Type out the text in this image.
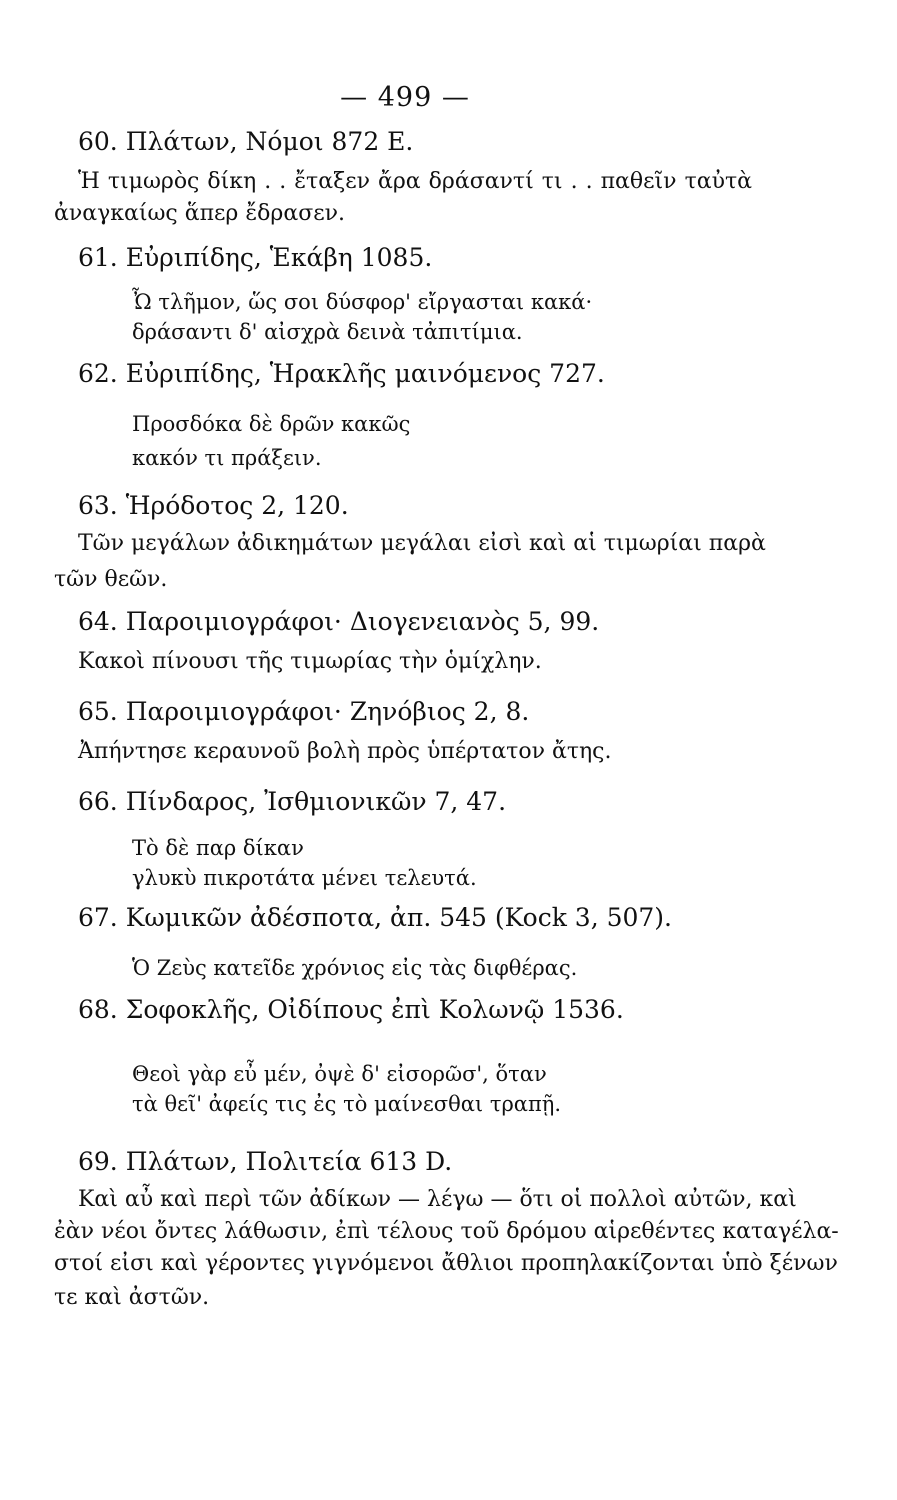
— 499 —
60. Πλάτων, Νόμοι 872 Ε.
Ἡ τιμωρὸς δίκη . . ἔταξεν ἄρα δράσαντί τι . . παθεῖν ταὐτὰ
ἀναγκαίως ἅπερ ἔδρασεν.
61. Εὐριπίδης, Ἑκάβη 1085.
Ὦ τλῆμον, ὥς σοι δύσφορ' εἴργασται κακά·
δράσαντι δ' αἰσχρὰ δεινὰ τἀπιτίμια.
62. Εὐριπίδης, Ἡρακλῆς μαινόμενος 727.
Προσδόκα δὲ δρῶν κακῶς
κακόν τι πράξειν.
63. Ἡρόδοτος 2, 120.
Τῶν μεγάλων ἀδικημάτων μεγάλαι εἰσὶ καὶ αἱ τιμωρίαι παρὰ
τῶν θεῶν.
64. Παροιμιογράφοι· Διογενειανὸς 5, 99.
Κακοὶ πίνουσι τῆς τιμωρίας τὴν ὁμίχλην.
65. Παροιμιογράφοι· Ζηνόβιος 2, 8.
Ἀπήντησε κεραυνοῦ βολὴ πρὸς ὑπέρτατον ἄτης.
66. Πίνδαρος, Ἰσθμιονικῶν 7, 47.
Τὸ δὲ παρ δίκαν
γλυκὺ πικροτάτα μένει τελευτά.
67. Κωμικῶν ἀδέσποτα, ἀπ. 545 (Kock 3, 507).
Ὁ Ζεὺς κατεῖδε χρόνιος εἰς τὰς διφθέρας.
68. Σοφοκλῆς, Οἰδίπους ἐπὶ Κολωνῷ 1536.
Θεοὶ γὰρ εὖ μέν, ὀψὲ δ' εἰσορῶσ', ὅταν
τὰ θεῖ' ἀφείς τις ἐς τὸ μαίνεσθαι τραπῇ.
69. Πλάτων, Πολιτεία 613 D.
Καὶ αὖ καὶ περὶ τῶν ἀδίκων — λέγω — ὅτι οἱ πολλοὶ αὐτῶν, καὶ
ἐὰν νέοι ὄντες λάθωσιν, ἐπὶ τέλους τοῦ δρόμου αἱρεθέντες καταγέλα-
στοί εἰσι καὶ γέροντες γιγνόμενοι ἄθλιοι προπηλακίζονται ὑπὸ ξένων
τε καὶ ἀστῶν.
